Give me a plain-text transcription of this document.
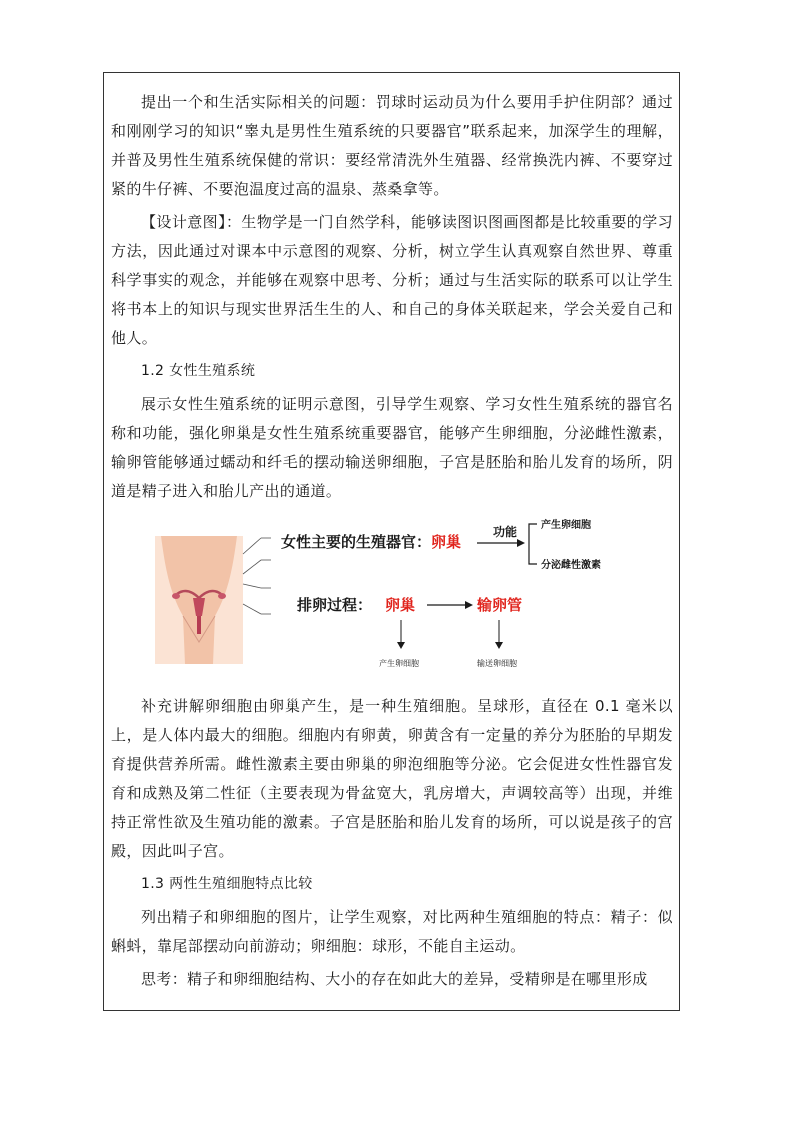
提出一个和生活实际相关的问题：罚球时运动员为什么要用手护住阴部？通过和刚刚学习的知识“睾丸是男性生殖系统的只要器官”联系起来，加深学生的理解，并普及男性生殖系统保健的常识：要经常清洗外生殖器、经常换洗内裤、不要穿过紧的牛仔裤、不要泡温度过高的温泉、蒸桑拿等。

【设计意图】：生物学是一门自然学科，能够读图识图画图都是比较重要的学习方法，因此通过对课本中示意图的观察、分析，树立学生认真观察自然世界、尊重科学事实的观念，并能够在观察中思考、分析；通过与生活实际的联系可以让学生将书本上的知识与现实世界活生生的人、和自己的身体关联起来，学会关爱自己和他人。

1.2 女性生殖系统

展示女性生殖系统的证明示意图，引导学生观察、学习女性生殖系统的器官名称和功能，强化卵巢是女性生殖系统重要器官，能够产生卵细胞，分泌雌性激素，输卵管能够通过蠕动和纤毛的摆动输送卵细胞，子宫是胚胎和胎儿发育的场所，阴道是精子进入和胎儿产出的通道。

女性主要的生殖器官： 卵巢
功能 产生卵细胞
分泌雌性激素
排卵过程： 卵巢	输卵管
产生卵细胞	输送卵细胞

补充讲解卵细胞由卵巢产生，是一种生殖细胞。呈球形，直径在 0.1 毫米以上，是人体内最大的细胞。细胞内有卵黄，卵黄含有一定量的养分为胚胎的早期发育提供营养所需。雌性激素主要由卵巢的卵泡细胞等分泌。它会促进女性性器官发育和成熟及第二性征（主要表现为骨盆宽大，乳房增大，声调较高等）出现，并维持正常性欲及生殖功能的激素。子宫是胚胎和胎儿发育的场所，可以说是孩子的宫殿，因此叫子宫。

1.3 两性生殖细胞特点比较

列出精子和卵细胞的图片，让学生观察，对比两种生殖细胞的特点：精子：似蝌蚪，靠尾部摆动向前游动；卵细胞：球形，不能自主运动。

思考：精子和卵细胞结构、大小的存在如此大的差异，受精卵是在哪里形成
